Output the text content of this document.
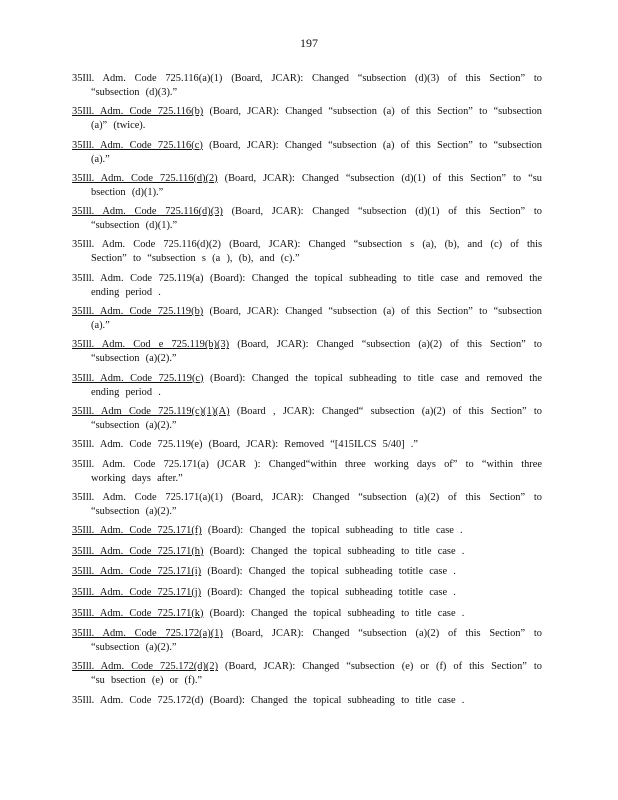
197
35Ill. Adm. Code 725.116(a)(1) (Board, JCAR): Changed “subsection (d)(3) of this Section” to “subsection (d)(3).”
35Ill. Adm. Code 725.116(b) (Board, JCAR): Changed “subsection (a) of this Section” to “subsection (a)” (twice).
35Ill. Adm. Code 725.116(c) (Board, JCAR): Changed “subsection (a) of this Section” to “subsection (a).”
35Ill. Adm. Code 725.116(d)(2) (Board, JCAR): Changed “subsection (d)(1) of this Section” to “su bsection (d)(1).”
35Ill. Adm. Code 725.116(d)(3) (Board, JCAR): Changed “subsection (d)(1) of this Section” to “subsection (d)(1).”
35Ill. Adm. Code 725.116(d)(2) (Board, JCAR): Changed “subsection s (a), (b), and (c) of this Section” to “subsection s (a ), (b), and (c).”
35Ill. Adm. Code 725.119(a) (Board): Changed the topical subheading to title case and removed the ending period .
35Ill. Adm. Code 725.119(b) (Board, JCAR): Changed “subsection (a) of this Section” to “subsection (a).”
35Ill. Adm. Cod e 725.119(b)(3) (Board, JCAR): Changed “subsection (a)(2) of this Section” to “subsection (a)(2).”
35Ill. Adm. Code 725.119(c) (Board): Changed the topical subheading to title case and removed the ending period .
35Ill. Adm Code 725.119(c)(1)(A) (Board , JCAR): Changed“ subsection (a)(2) of this Section” to “subsection (a)(2).”
35Ill. Adm. Code 725.119(e) (Board, JCAR): Removed “[415ILCS 5/40] .”
35Ill. Adm. Code 725.171(a) (JCAR ): Changed“within three working days of” to “within three working days after.”
35Ill. Adm. Code 725.171(a)(1) (Board, JCAR): Changed “subsection (a)(2) of this Section” to “subsection (a)(2).”
35Ill. Adm. Code 725.171(f) (Board): Changed the topical subheading to title case .
35Ill. Adm. Code 725.171(h) (Board): Changed the topical subheading to title case .
35Ill. Adm. Code 725.171(i) (Board): Changed the topical subheading totitle case .
35Ill. Adm. Code 725.171(j) (Board): Changed the topical subheading totitle case .
35Ill. Adm. Code 725.171(k) (Board): Changed the topical subheading to title case .
35Ill. Adm. Code 725.172(a)(1) (Board, JCAR): Changed “subsection (a)(2) of this Section” to “subsection (a)(2).”
35Ill. Adm. Code 725.172(d)(2) (Board, JCAR): Changed “subsection (e) or (f) of this Section” to “su bsection (e) or (f).”
35Ill. Adm. Code 725.172(d) (Board): Changed the topical subheading to title case .
